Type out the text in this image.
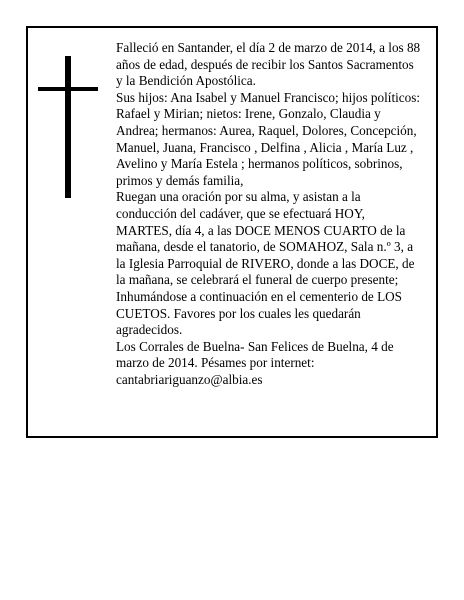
Falleció en Santander, el día 2 de marzo de 2014, a los 88 años de edad, después de recibir los Santos Sacramentos y la Bendición Apostólica.

Sus hijos: Ana Isabel y Manuel Francisco; hijos políticos: Rafael y Mirian; nietos: Irene, Gonzalo, Claudia y Andrea; hermanos: Aurea, Raquel, Dolores, Concepción, Manuel, Juana, Francisco , Delfina , Alicia , María Luz , Avelino y María Estela ; hermanos políticos, sobrinos, primos y demás familia,

Ruegan una oración por su alma, y asistan a la conducción del cadáver, que se efectuará HOY, MARTES, día 4, a las DOCE MENOS CUARTO de la mañana, desde el tanatorio, de SOMAHOZ, Sala n.º 3, a la Iglesia Parroquial de RIVERO, donde a las DOCE, de la mañana, se celebrará el funeral de cuerpo presente; Inhumándose a continuación en el cementerio de LOS CUETOS. Favores por los cuales les quedarán agradecidos.

Los Corrales de Buelna- San Felices de Buelna, 4 de marzo de 2014. Pésames por internet: cantabriariguanzo@albia.es
